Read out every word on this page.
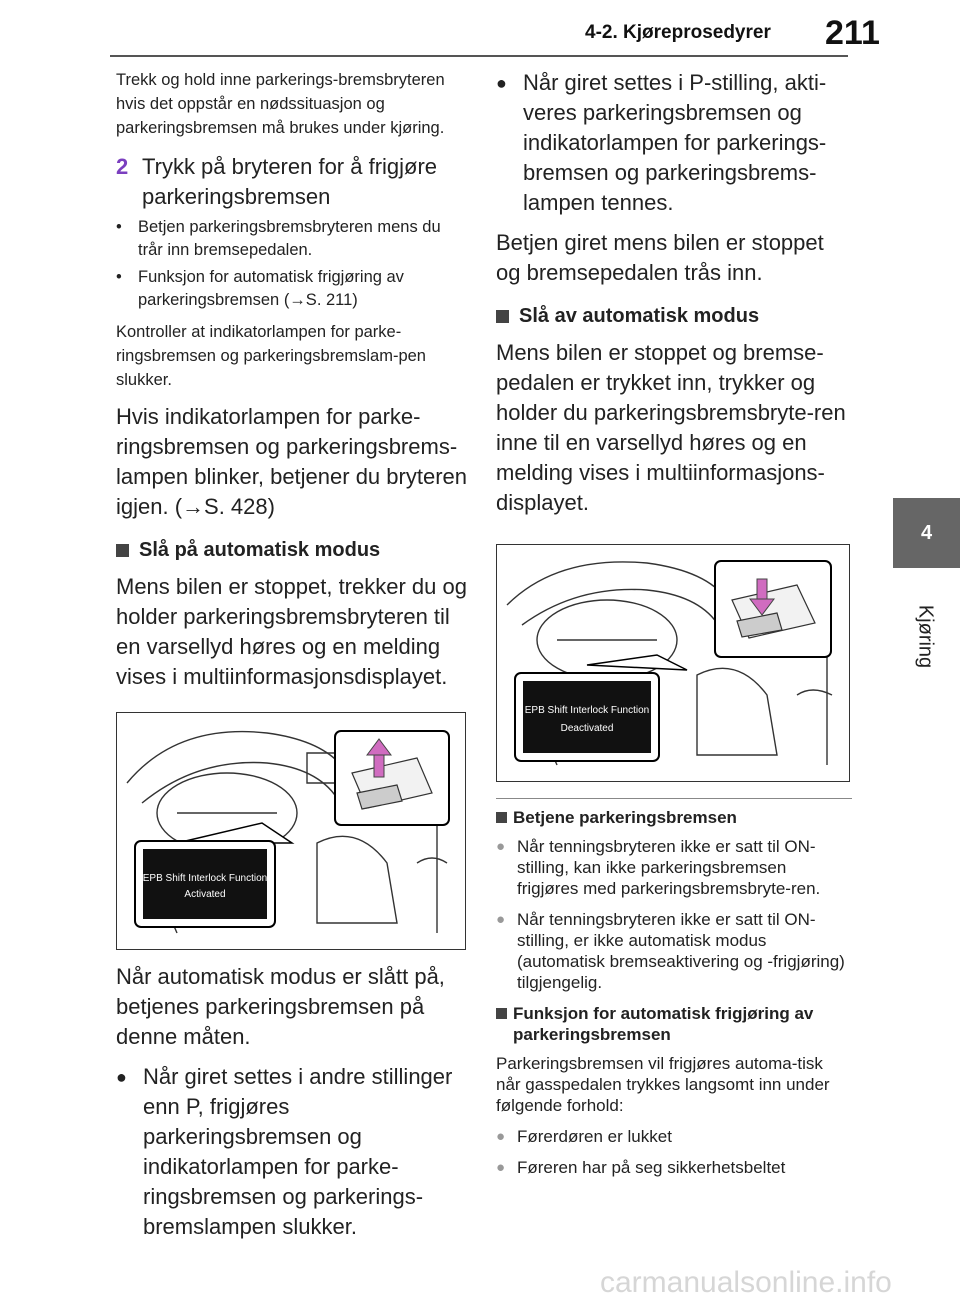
4-2. Kjøreprosedyrer 211
4
Kjøring

Trekk og hold inne parkerings-bremsbryteren hvis det oppstår en nødssituasjon og parkeringsbremsen må brukes under kjøring.

2 Trykk på bryteren for å frigjøre parkeringsbremsen
• Betjen parkeringsbremsbryteren mens du trår inn bremsepedalen.
• Funksjon for automatisk frigjøring av parkeringsbremsen (→S. 211)

Kontroller at indikatorlampen for parke-ringsbremsen og parkeringsbremslam-pen slukker.

Hvis indikatorlampen for parke-ringsbremsen og parkeringsbrems-lampen blinker, betjener du bryteren igjen. (→S. 428)

Slå på automatisk modus

Mens bilen er stoppet, trekker du og holder parkeringsbremsbryteren til en varsellyd høres og en melding vises i multiinformasjonsdisplayet.

EPB Shift Interlock Function
Activated

Når automatisk modus er slått på, betjenes parkeringsbremsen på denne måten.

● Når giret settes i andre stillinger enn P, frigjøres parkeringsbremsen og indikatorlampen for parke-ringsbremsen og parkerings-bremslampen slukker.
● Når giret settes i P-stilling, akti-veres parkeringsbremsen og indikatorlampen for parkerings-bremsen og parkeringsbrems-lampen tennes.

Betjen giret mens bilen er stoppet og bremsepedalen trås inn.

Slå av automatisk modus

Mens bilen er stoppet og bremse-pedalen er trykket inn, trykker og holder du parkeringsbremsbryte-ren inne til en varsellyd høres og en melding vises i multiinformasjons-displayet.

EPB Shift Interlock Function
Deactivated
Betjene parkeringsbremsen
● Når tenningsbryteren ikke er satt til ON-stilling, kan ikke parkeringsbremsen frigjøres med parkeringsbremsbryte-ren.
● Når tenningsbryteren ikke er satt til ON-stilling, er ikke automatisk modus (automatisk bremseaktivering og -frigjøring) tilgjengelig.
Funksjon for automatisk frigjøring av parkeringsbremsen

Parkeringsbremsen vil frigjøres automa-tisk når gasspedalen trykkes langsomt inn under følgende forhold:

● Førerdøren er lukket
● Føreren har på seg sikkerhetsbeltet
carmanualsonline.info
